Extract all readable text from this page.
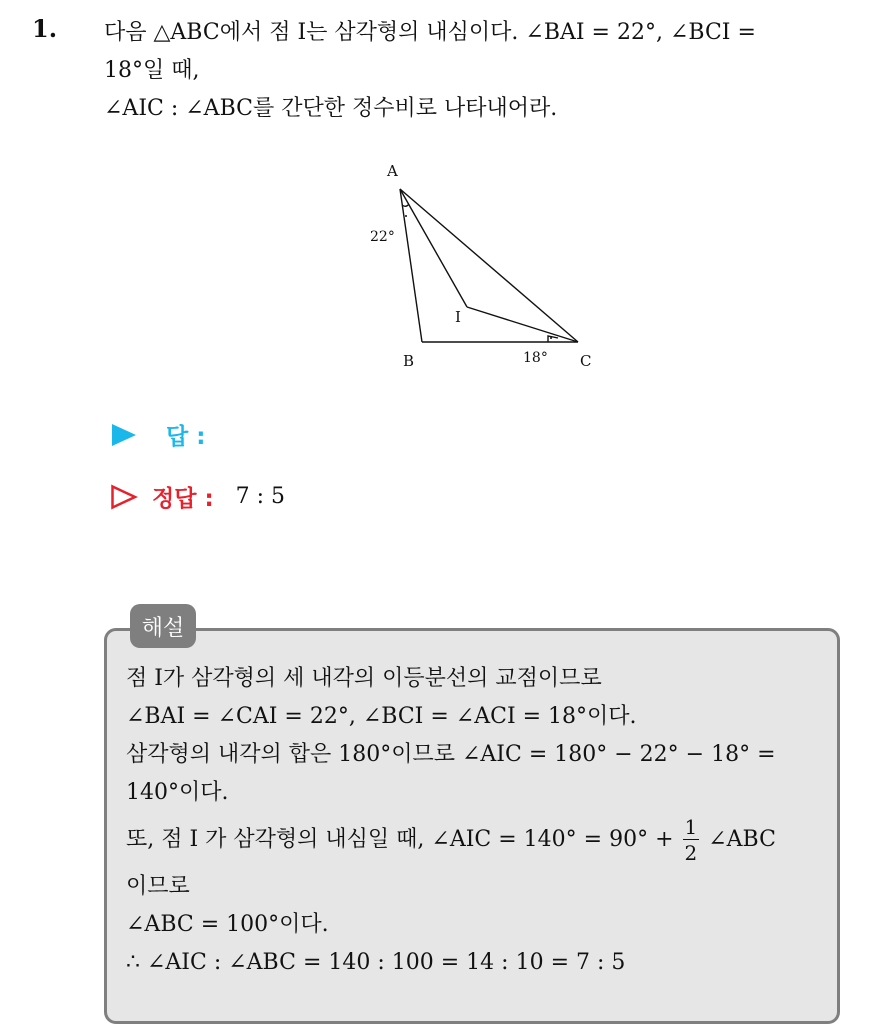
1. 다음 △ABC에서 점 I는 삼각형의 내심이다. ∠BAI = 22°, ∠BCI =
18°일 때,
∠AIC : ∠ABC를 간단한 정수비로 나타내어라.
A
B	C
I
22°
18°
답 :
정답 : 7 : 5
해설
점 I가 삼각형의 세 내각의 이등분선의 교점이므로
∠BAI = ∠CAI = 22°, ∠BCI = ∠ACI = 18°이다.
삼각형의 내각의 합은 180°이므로 ∠AIC = 180° − 22° − 18° =
140°이다.
또, 점 I 가 삼각형의 내심일 때, ∠AIC = $140^\circ = 90^\circ + \frac{1}{2}$ ∠ABC
이므로
∠ABC = 100°이다.
∴ ∠AIC : ∠ABC = 140 : 100 = 14 : 10 = 7 : 5
